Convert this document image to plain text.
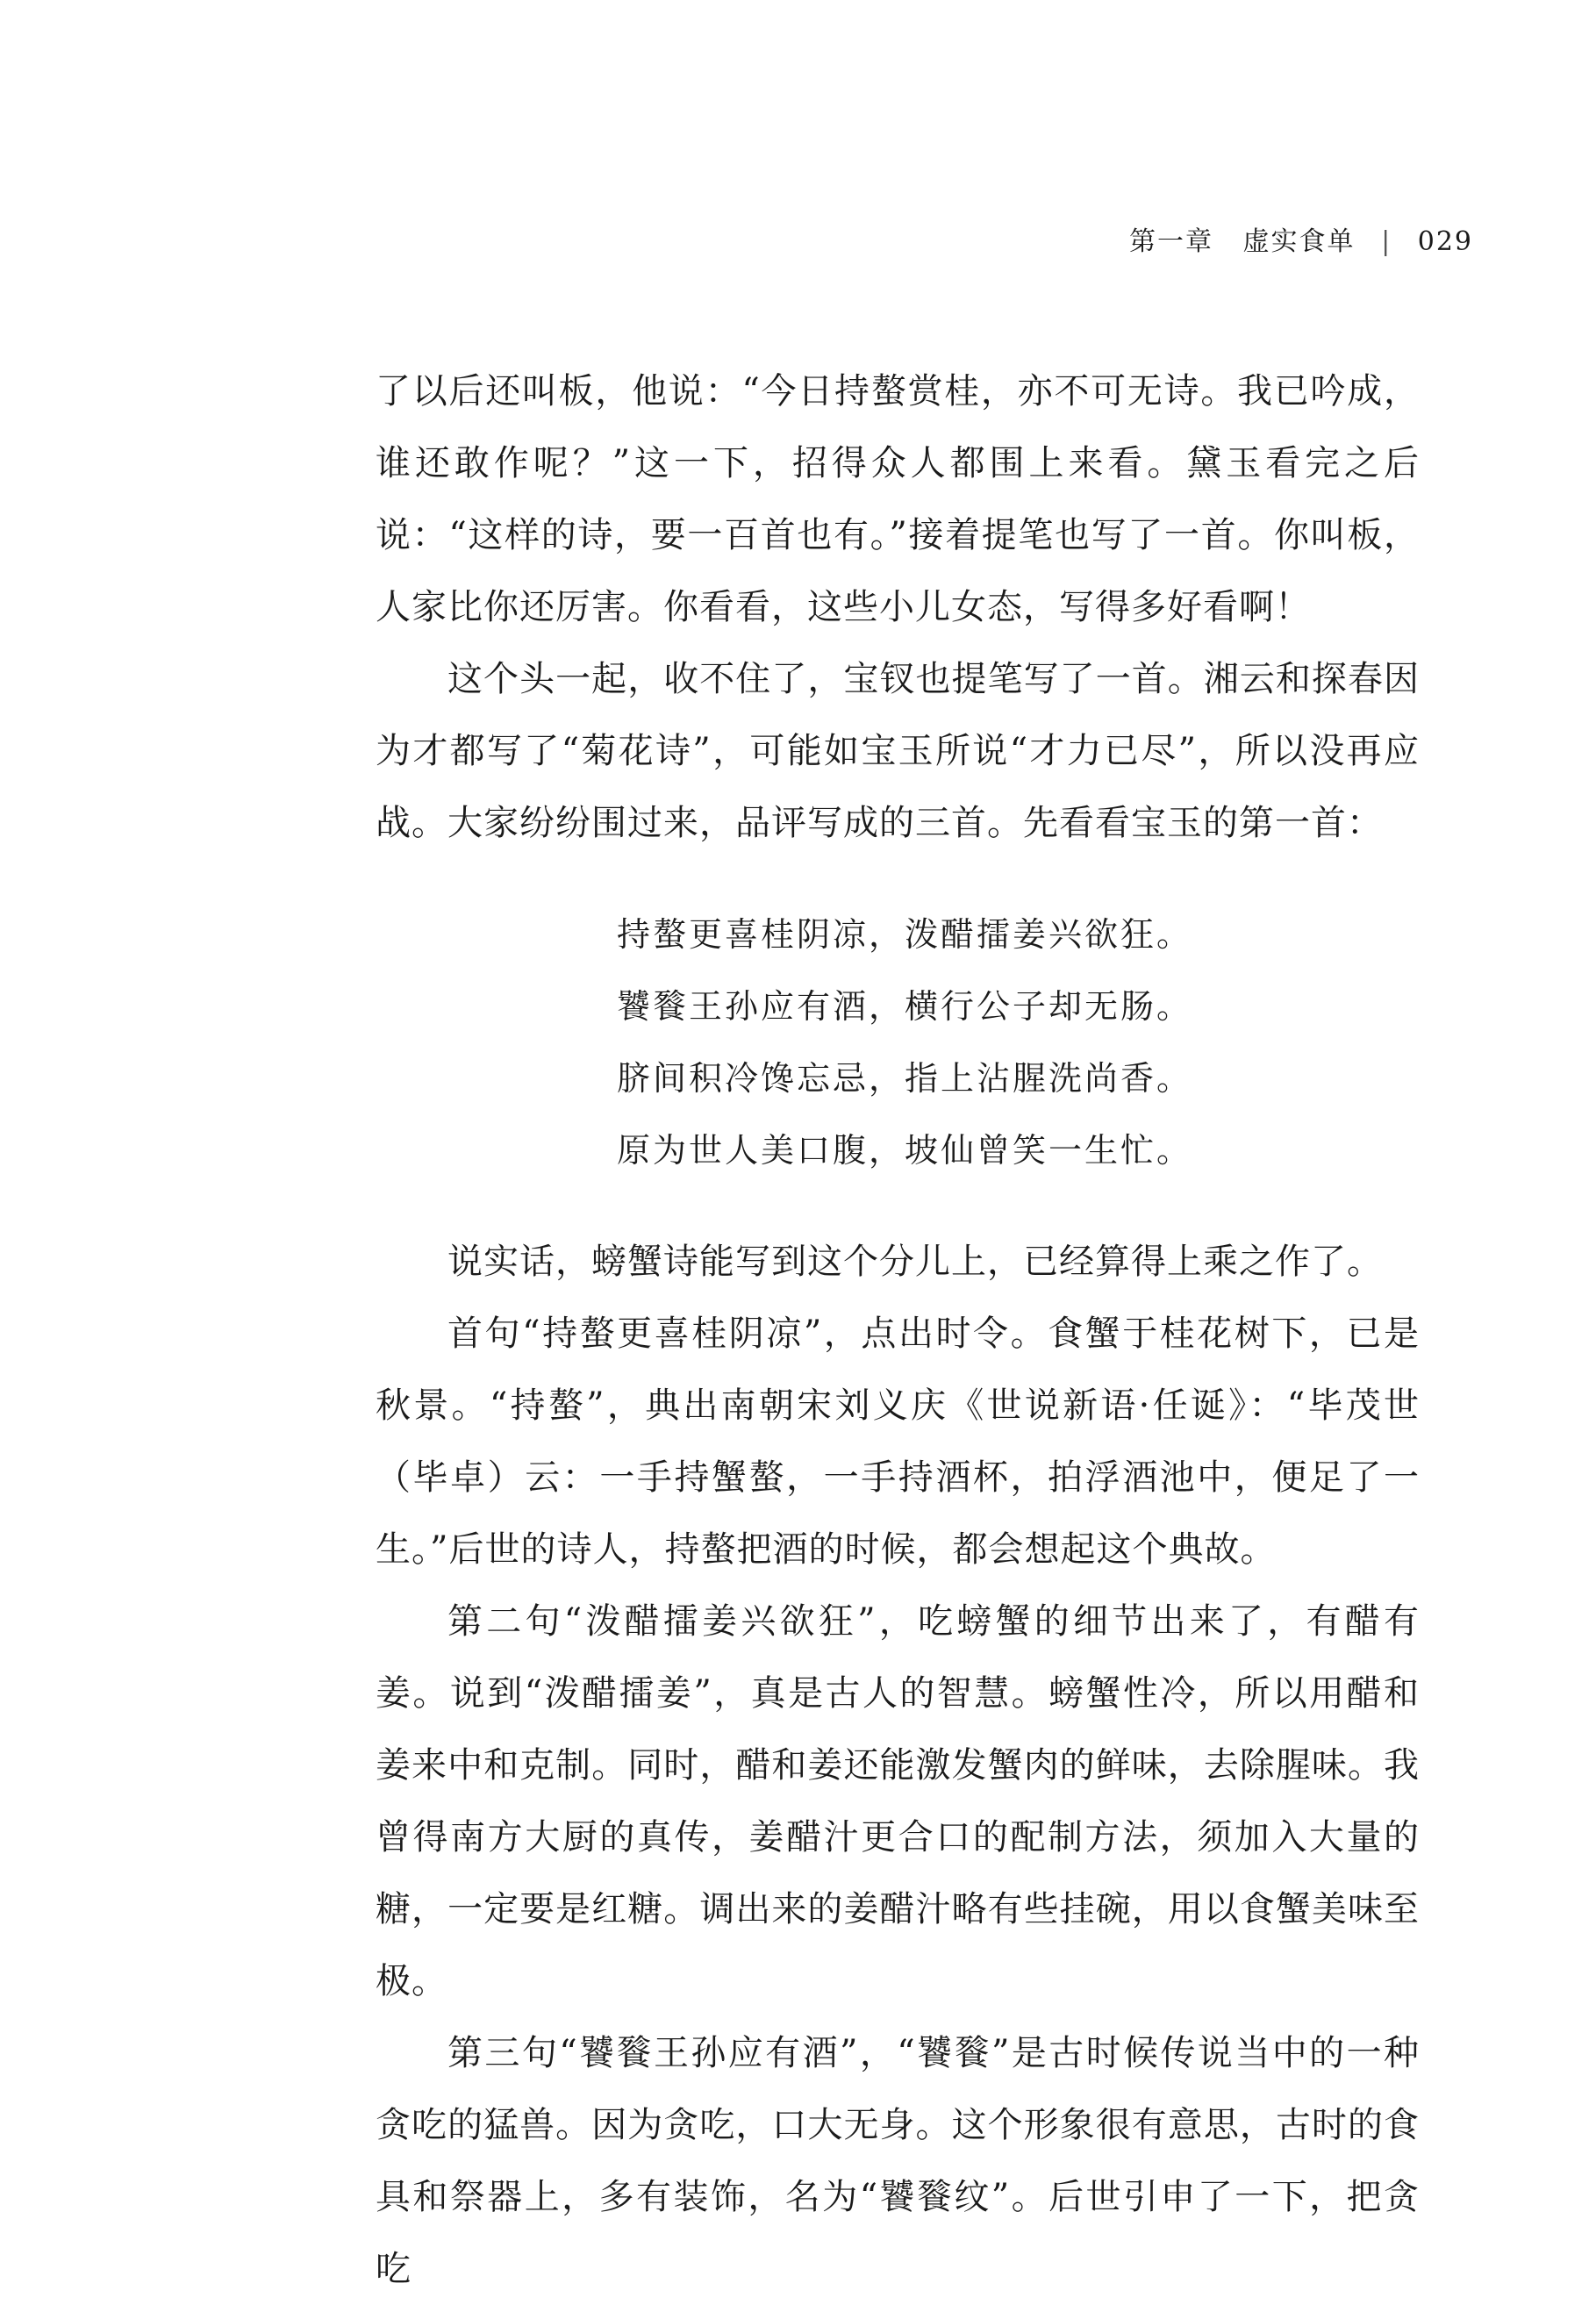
第一章 虚实食单 | 029

了以后还叫板，他说：“今日持螯赏桂，亦不可无诗。我已吟成，谁还敢作呢？”这一下，招得众人都围上来看。黛玉看完之后说：“这样的诗，要一百首也有。”接着提笔也写了一首。你叫板，人家比你还厉害。你看看，这些小儿女态，写得多好看啊！

这个头一起，收不住了，宝钗也提笔写了一首。湘云和探春因为才都写了“菊花诗”，可能如宝玉所说“才力已尽”，所以没再应战。大家纷纷围过来，品评写成的三首。先看看宝玉的第一首：

持螯更喜桂阴凉，泼醋擂姜兴欲狂。
饕餮王孙应有酒，横行公子却无肠。
脐间积冷馋忘忌，指上沾腥洗尚香。
原为世人美口腹，坡仙曾笑一生忙。

说实话，螃蟹诗能写到这个分儿上，已经算得上乘之作了。

首句“持螯更喜桂阴凉”，点出时令。食蟹于桂花树下，已是秋景。“持螯”，典出南朝宋刘义庆《世说新语·任诞》：“毕茂世（毕卓）云：一手持蟹螯，一手持酒杯，拍浮酒池中，便足了一生。”后世的诗人，持螯把酒的时候，都会想起这个典故。

第二句“泼醋擂姜兴欲狂”，吃螃蟹的细节出来了，有醋有姜。说到“泼醋擂姜”，真是古人的智慧。螃蟹性冷，所以用醋和姜来中和克制。同时，醋和姜还能激发蟹肉的鲜味，去除腥味。我曾得南方大厨的真传，姜醋汁更合口的配制方法，须加入大量的糖，一定要是红糖。调出来的姜醋汁略有些挂碗，用以食蟹美味至极。

第三句“饕餮王孙应有酒”，“饕餮”是古时候传说当中的一种贪吃的猛兽。因为贪吃，口大无身。这个形象很有意思，古时的食具和祭器上，多有装饰，名为“饕餮纹”。后世引申了一下，把贪吃
